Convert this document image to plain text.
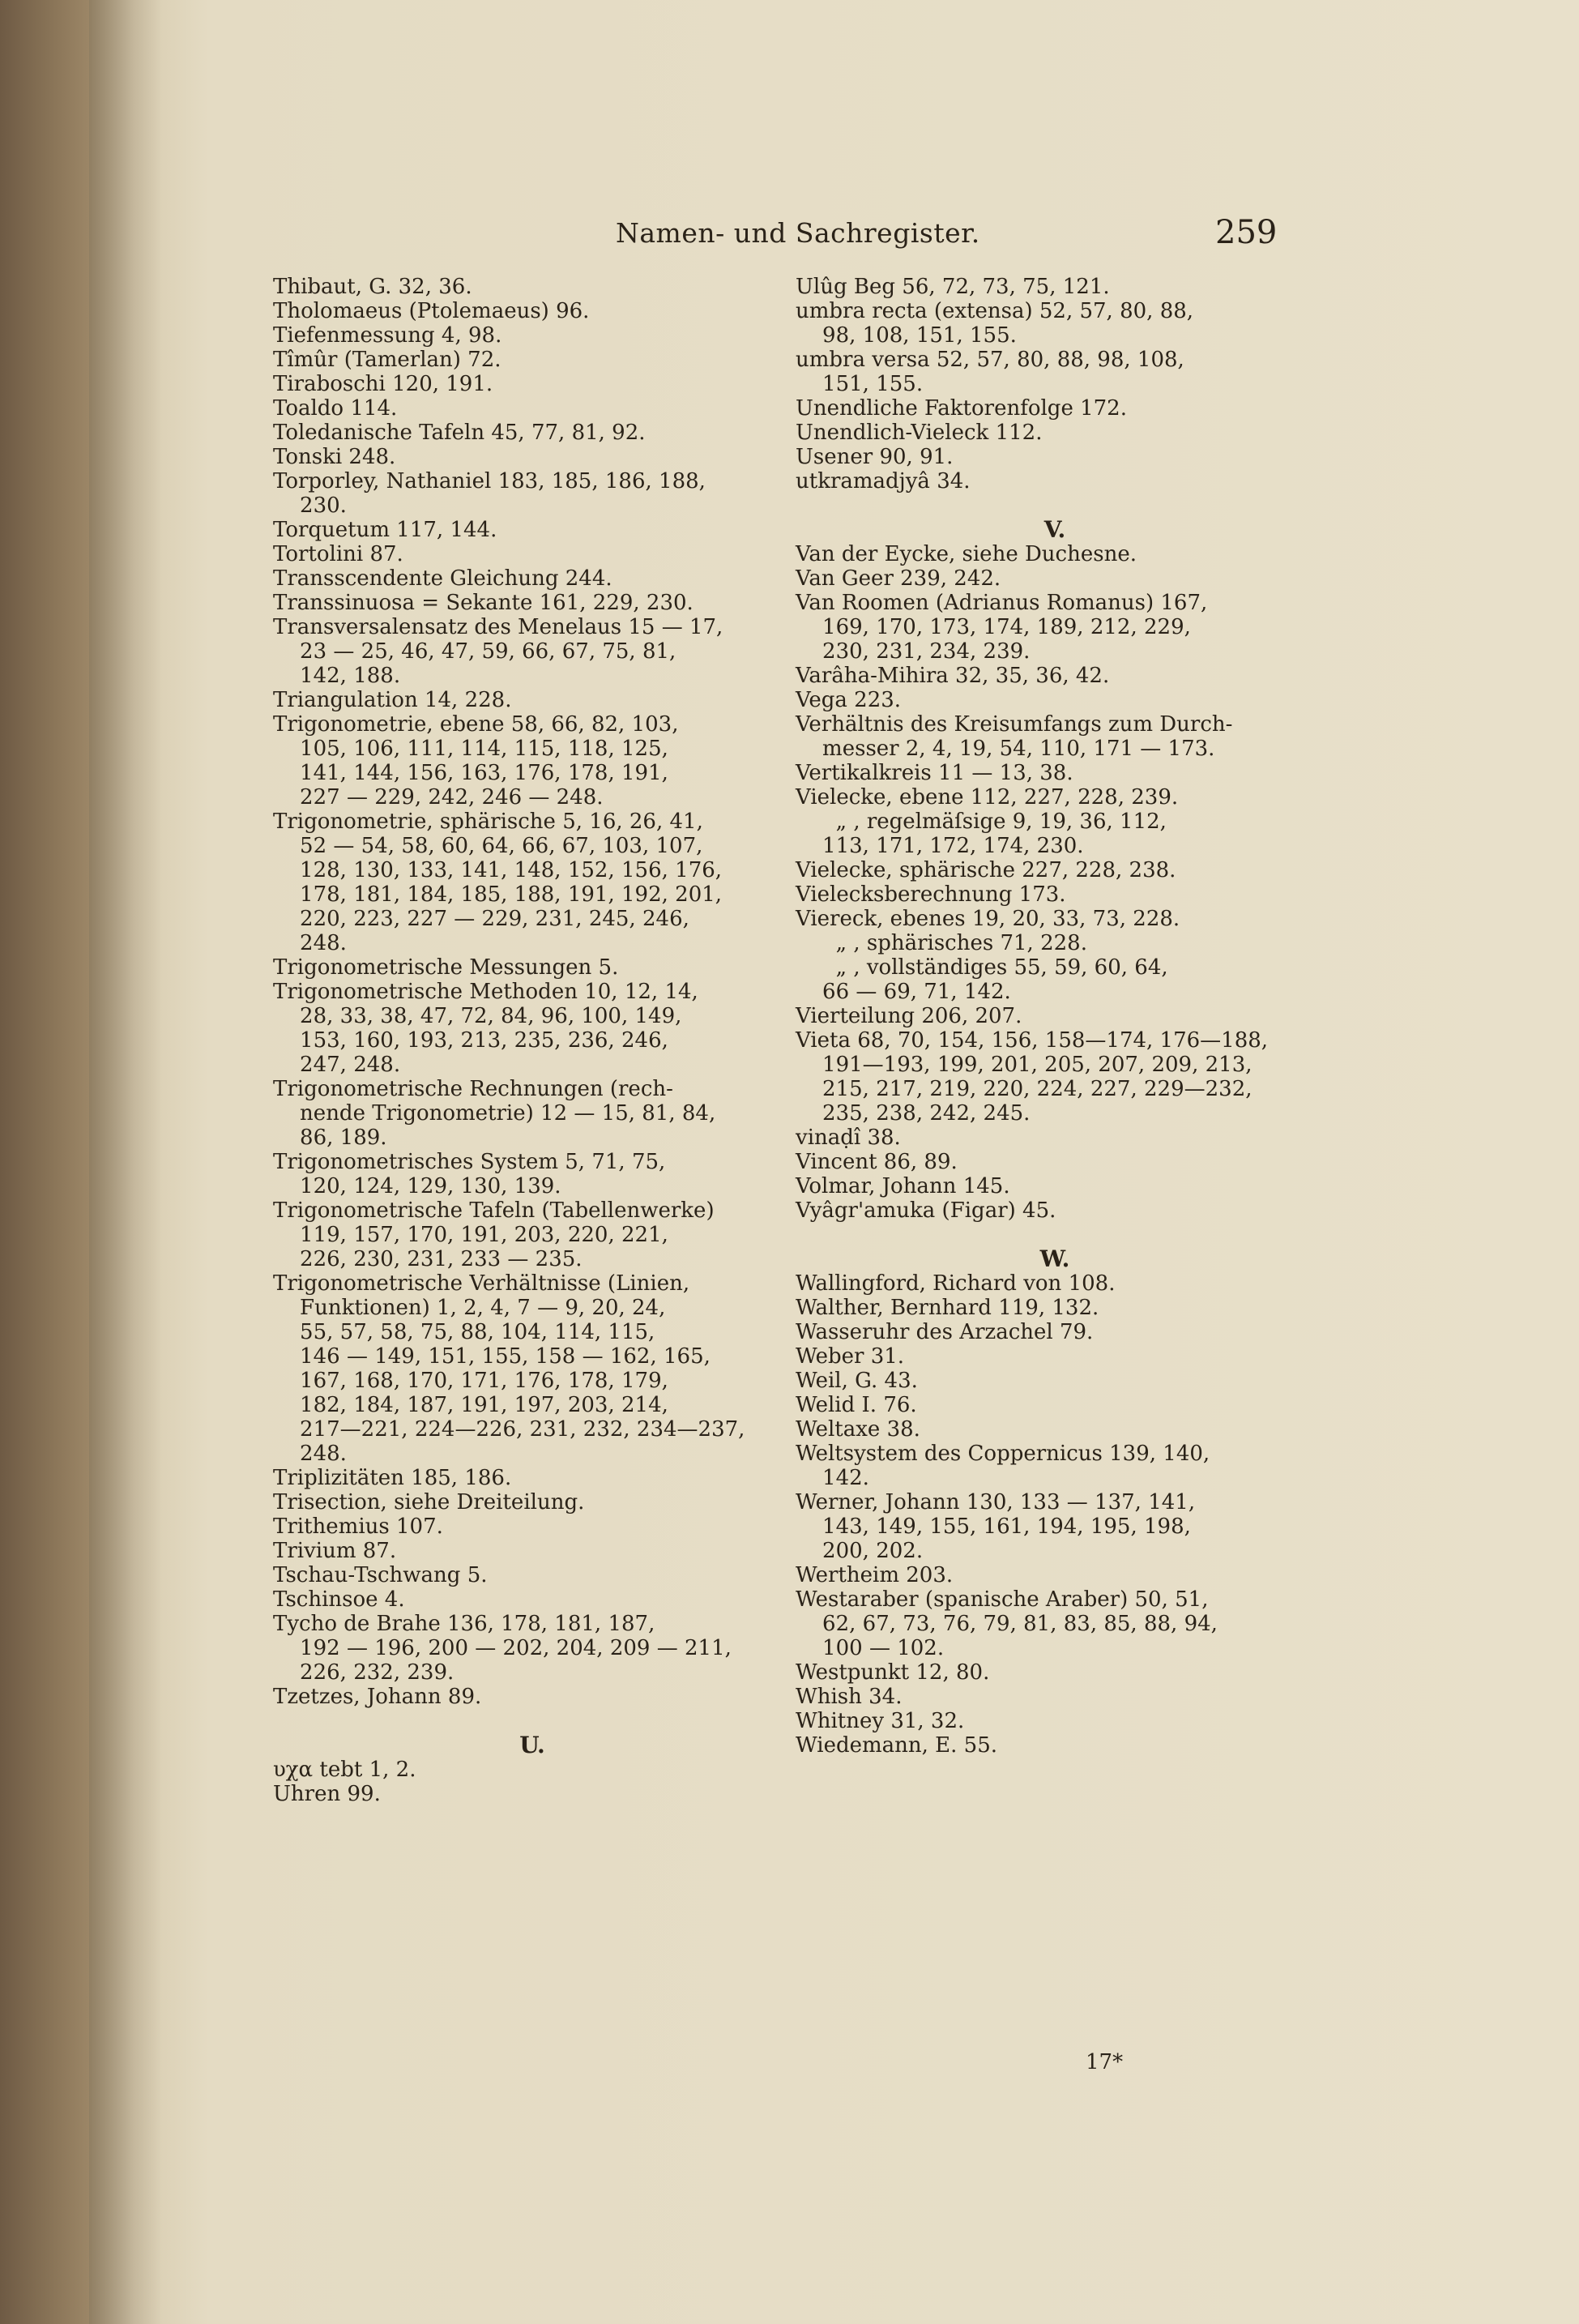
Namen- und Sachregister.	259
Thibaut, G. 32, 36.
Tholomaeus (Ptolemaeus) 96.
Tiefenmessung 4, 98.
Tîmûr (Tamerlan) 72.
Tiraboschi 120, 191.
Toaldo 114.
Toledanische Tafeln 45, 77, 81, 92.
Tonski 248.
Torporley, Nathaniel 183, 185, 186, 188,
230.
Torquetum 117, 144.
Tortolini 87.
Transscendente Gleichung 244.
Transsinuosa = Sekante 161, 229, 230.
Transversalensatz des Menelaus 15 — 17,
23 — 25, 46, 47, 59, 66, 67, 75, 81,
142, 188.
Triangulation 14, 228.
Trigonometrie, ebene 58, 66, 82, 103,
105, 106, 111, 114, 115, 118, 125,
141, 144, 156, 163, 176, 178, 191,
227 — 229, 242, 246 — 248.
Trigonometrie, sphärische 5, 16, 26, 41,
52 — 54, 58, 60, 64, 66, 67, 103, 107,
128, 130, 133, 141, 148, 152, 156, 176,
178, 181, 184, 185, 188, 191, 192, 201,
220, 223, 227 — 229, 231, 245, 246,
248.
Trigonometrische Messungen 5.
Trigonometrische Methoden 10, 12, 14,
28, 33, 38, 47, 72, 84, 96, 100, 149,
153, 160, 193, 213, 235, 236, 246,
247, 248.
Trigonometrische Rechnungen (rech-
nende Trigonometrie) 12 — 15, 81, 84,
86, 189.
Trigonometrisches System 5, 71, 75,
120, 124, 129, 130, 139.
Trigonometrische Tafeln (Tabellenwerke)
119, 157, 170, 191, 203, 220, 221,
226, 230, 231, 233 — 235.
Trigonometrische Verhältnisse (Linien,
Funktionen) 1, 2, 4, 7 — 9, 20, 24,
55, 57, 58, 75, 88, 104, 114, 115,
146 — 149, 151, 155, 158 — 162, 165,
167, 168, 170, 171, 176, 178, 179,
182, 184, 187, 191, 197, 203, 214,
217—221, 224—226, 231, 232, 234—237,
248.
Triplizitäten 185, 186.
Trisection, siehe Dreiteilung.
Trithemius 107.
Trivium 87.
Tschau-Tschwang 5.
Tschinsoe 4.
Tycho de Brahe 136, 178, 181, 187,
192 — 196, 200 — 202, 204, 209 — 211,
226, 232, 239.
Tzetzes, Johann 89.
U.
υχα tebt 1, 2.
Uhren 99.
Ulûg Beg 56, 72, 73, 75, 121.
umbra recta (extensa) 52, 57, 80, 88,
98, 108, 151, 155.
umbra versa 52, 57, 80, 88, 98, 108,
151, 155.
Unendliche Faktorenfolge 172.
Unendlich-Vieleck 112.
Usener 90, 91.
utkramadjyâ 34.
V.
Van der Eycke, siehe Duchesne.
Van Geer 239, 242.
Van Roomen (Adrianus Romanus) 167,
169, 170, 173, 174, 189, 212, 229,
230, 231, 234, 239.
Varâha-Mihira 32, 35, 36, 42.
Vega 223.
Verhältnis des Kreisumfangs zum Durch-
messer 2, 4, 19, 54, 110, 171 — 173.
Vertikalkreis 11 — 13, 38.
Vielecke, ebene 112, 227, 228, 239.
„ , regelmäſsige 9, 19, 36, 112,
113, 171, 172, 174, 230.
Vielecke, sphärische 227, 228, 238.
Vielecksberechnung 173.
Viereck, ebenes 19, 20, 33, 73, 228.
„ , sphärisches 71, 228.
„ , vollständiges 55, 59, 60, 64,
66 — 69, 71, 142.
Vierteilung 206, 207.
Vieta 68, 70, 154, 156, 158—174, 176—188,
191—193, 199, 201, 205, 207, 209, 213,
215, 217, 219, 220, 224, 227, 229—232,
235, 238, 242, 245.
vinaḍî 38.
Vincent 86, 89.
Volmar, Johann 145.
Vyâgr'amuka (Figar) 45.
W.
Wallingford, Richard von 108.
Walther, Bernhard 119, 132.
Wasseruhr des Arzachel 79.
Weber 31.
Weil, G. 43.
Welid I. 76.
Weltaxe 38.
Weltsystem des Coppernicus 139, 140,
142.
Werner, Johann 130, 133 — 137, 141,
143, 149, 155, 161, 194, 195, 198,
200, 202.
Wertheim 203.
Westaraber (spanische Araber) 50, 51,
62, 67, 73, 76, 79, 81, 83, 85, 88, 94,
100 — 102.
Westpunkt 12, 80.
Whish 34.
Whitney 31, 32.
Wiedemann, E. 55.
17*
